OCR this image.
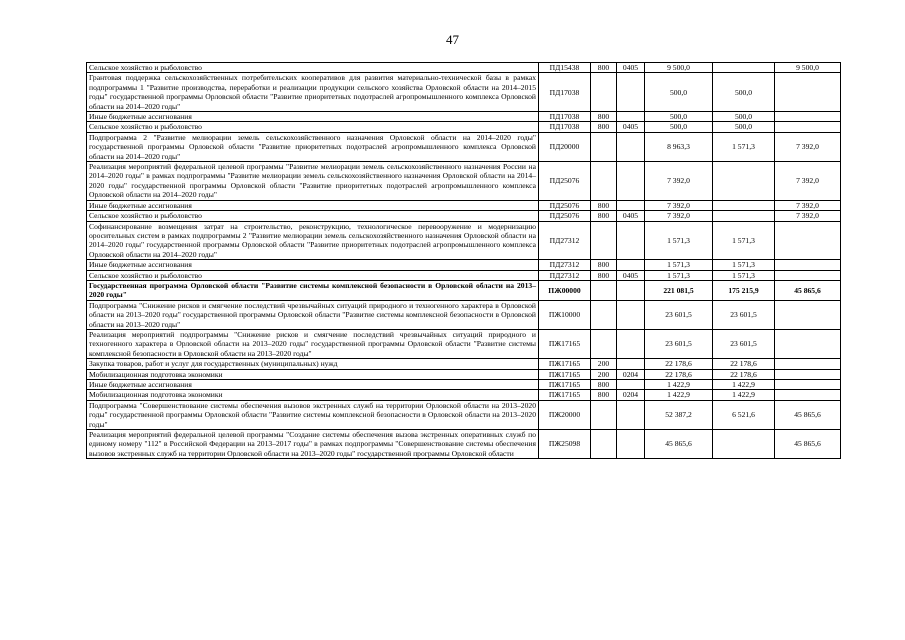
47
Сельское хозяйство и рыболовство	ПД15438	800	0405	9 500,0		9 500,0
Грантовая поддержка сельскохозяйственных потребительских кооперативов для развития материально-технической базы в рамках подпрограммы 1 "Развитие производства, переработки и реализации продукции сельского хозяйства Орловской области на 2014–2015 годы" государственной программы Орловской области "Развитие приоритетных подотраслей агропромышленного комплекса Орловской области на 2014–2020 годы"	ПД17038			500,0	500,0	
Иные бюджетные ассигнования	ПД17038	800		500,0	500,0	
Сельское хозяйство и рыболовство	ПД17038	800	0405	500,0	500,0	
Подпрограмма 2 "Развитие мелиорации земель сельскохозяйственного назначения Орловской области на 2014–2020 годы" государственной программы Орловской области "Развитие приоритетных подотраслей агропромышленного комплекса Орловской области на 2014–2020 годы"	ПД20000			8 963,3	1 571,3	7 392,0
Реализация мероприятий федеральной целевой программы "Развитие мелиорации земель сельскохозяйственного назначения России на 2014–2020 годы" в рамках подпрограммы "Развитие мелиорации земель сельскохозяйственного назначения Орловской области на 2014–2020 годы" государственной программы Орловской области "Развитие приоритетных подотраслей агропромышленного комплекса Орловской области на 2014–2020 годы"	ПД25076			7 392,0		7 392,0
Иные бюджетные ассигнования	ПД25076	800		7 392,0		7 392,0
Сельское хозяйство и рыболовство	ПД25076	800	0405	7 392,0		7 392,0
Софинансирование возмещения затрат на строительство, реконструкцию, технологическое перевооружение и модернизацию оросительных систем в рамках подпрограммы 2 "Развитие мелиорации земель сельскохозяйственного назначения Орловской области на 2014–2020 годы" государственной программы Орловской области "Развитие приоритетных подотраслей агропромышленного комплекса Орловской области на 2014–2020 годы"	ПД27312			1 571,3	1 571,3	
Иные бюджетные ассигнования	ПД27312	800		1 571,3	1 571,3	
Сельское хозяйство и рыболовство	ПД27312	800	0405	1 571,3	1 571,3	
Государственная программа Орловской области "Развитие системы комплексной безопасности в Орловской области на 2013–2020 годы"	ПЖ00000			221 081,5	175 215,9	45 865,6
Подпрограмма "Снижение рисков и смягчение последствий чрезвычайных ситуаций природного и техногенного характера в Орловской области на 2013–2020 годы" государственной программы Орловской области "Развитие системы комплексной безопасности в Орловской области на 2013–2020 годы"	ПЖ10000			23 601,5	23 601,5	
Реализация мероприятий подпрограммы "Снижение рисков и смягчение последствий чрезвычайных ситуаций природного и техногенного характера в Орловской области на 2013–2020 годы" государственной программы Орловской области "Развитие системы комплексной безопасности в Орловской области на 2013–2020 годы"	ПЖ17165			23 601,5	23 601,5	
Закупка товаров, работ и услуг для государственных (муниципальных) нужд	ПЖ17165	200		22 178,6	22 178,6	
Мобилизационная подготовка экономики	ПЖ17165	200	0204	22 178,6	22 178,6	
Иные бюджетные ассигнования	ПЖ17165	800		1 422,9	1 422,9	
Мобилизационная подготовка экономики	ПЖ17165	800	0204	1 422,9	1 422,9	
Подпрограмма "Совершенствование системы обеспечения вызовов экстренных служб на территории Орловской области на 2013–2020 годы" государственной программы Орловской области "Развитие системы комплексной безопасности в Орловской области на 2013–2020 годы"	ПЖ20000			52 387,2	6 521,6	45 865,6
Реализация мероприятий федеральной целевой программы "Создание системы обеспечения вызова экстренных оперативных служб по единому номеру "112" в Российской Федерации на 2013–2017 годы" в рамках подпрограммы "Совершенствование системы обеспечения вызовов экстренных служб на территории Орловской области на 2013–2020 годы" государственной программы Орловской области	ПЖ25098			45 865,6		45 865,6
